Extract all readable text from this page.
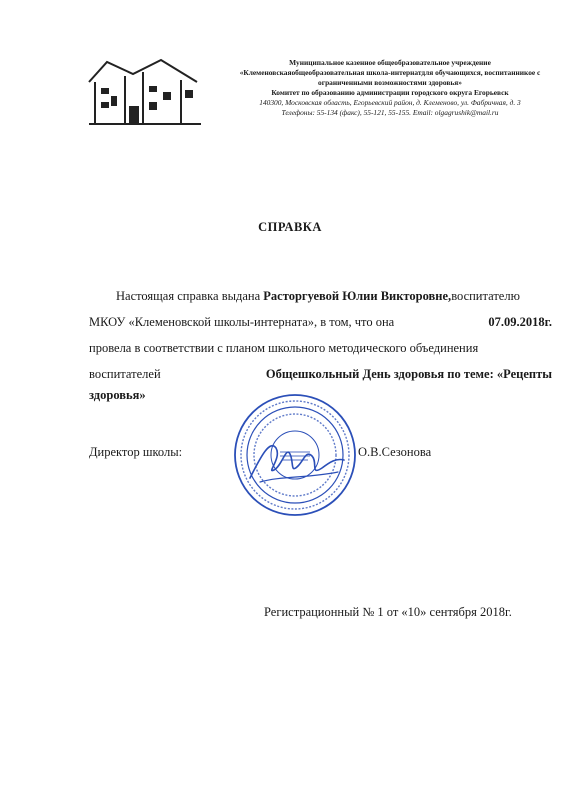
Муниципальное казенное общеобразовательное учреждение
«Клеменовскаяобщеобразовательная школа-интернатдля обучающихся, воспитанникое с
ограниченными возможностями здоровья»
Комитет по образованию администрации городского округа Егорьевск
140300, Московская область, Егорьевский район, д. Клеменово, ул. Фабричная, д. 3
Телефоны: 55-134 (факс), 55-121, 55-155. Email: olgagrushik@mail.ru
СПРАВКА
Настоящая справка выдана
Расторгуевой Юлии Викторовне, воспитателю
МКОУ «Клеменовской школы-интерната», в том, что она	07.09.2018г.
провела в соответствии с планом школьного методического объединения
воспитателей	Общешкольный День здоровья по теме: «Рецепты
здоровья»
Директор школы:	О.В.Сезонова
Регистрационный № 1 от «10» сентября 2018г.
